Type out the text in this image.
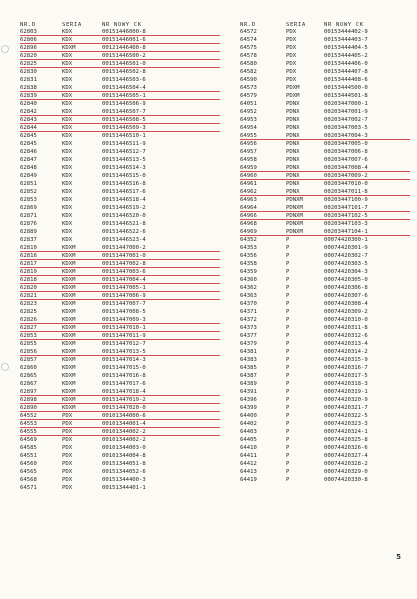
NR.D	SERIA	NR NOWY CK
62803	KDX	00151446000-8
62806	KDX	00151446001-6
62896	KDXM	00121446400-8
62820	KDX	00151446500-2
62825	KDX	00151446501-0
62830	KDX	00151446502-8
62831	KDX	00151446503-6
62838	KDX	00151446504-4
62839	KDX	00151446505-1
62840	KDX	00151446506-9
62842	KDX	00151446507-7
62843	KDX	00151446508-5
62844	KDX	00151446509-3
62845	KDX	00151446510-1
62845	KDX	00151446511-9
62846	KDX	00151446512-7
62847	KDX	00151446513-5
62848	KDX	00151446514-3
62849	KDX	00151446515-0
62851	KDX	00151446516-8
62852	KDX	00151446517-6
62853	KDX	00151446518-4
62869	KDX	00151446519-2
62871	KDX	00151446520-0
62876	KDX	00151446521-8
62889	KDX	00151446522-6
62837	KDX	00151446523-4
62810	KDXM	00151447000-2
62816	KDXM	00151447001-0
62817	KDXM	00151447002-8
62819	KDXM	00151447003-6
62818	KDXM	00151447004-4
62820	KDXM	00151447005-1
62821	KDXM	00151447006-9
62823	KDXM	00151447007-7
62825	KDXM	00151447008-5
62826	KDXM	00151447009-3
62827	KDXM	00151447010-1
62853	KDXM	00151447011-9
62855	KDXM	00151447012-7
62856	KDXM	00151447013-5
62857	KDXM	00151447014-3
62860	KDXM	00151447015-0
62865	KDXM	00151447016-8
62867	KDXM	00151447017-6
62897	KDXM	00151447018-4
62898	KDXM	00151447019-2
62890	KDXM	00151447020-0
64552	PDX	00101344000-6
64553	PDX	00101344001-4
64555	PDX	00101344002-2
64569	PDX	00101344002-2
64585	PDX	00101344003-0
64551	PDX	00101344004-8
64560	PDX	00151344051-8
64565	PDX	00151344052-6
64568	PDX	00151344400-3
64571	PDX	00151344401-1
NR.D	SERIA	NR NOWY CK
64572	PDX	00153444402-9
64574	PDX	00153444403-7
64575	PDX	00153444404-5
64578	PDX	00153444405-2
64580	PDX	00153444406-0
64582	PDX	00153444407-8
64590	PDX	00153444408-6
64573	PDXM	00153444500-0
64579	PDXM	00153444501-8
64051	PDNX	00203447000-1
64952	PDNX	00203447001-9
64953	PDNX	00203447002-7
64954	PDNX	00203447003-5
64955	PDNX	00203447004-3
64956	PDNX	00203447005-0
64957	PDNX	00203447006-8
64958	PDNX	00203447007-6
64959	PDNX	00203447008-4
64960	PDNX	00203447009-2
64961	PDNX	00203447010-0
64962	PDNX	00203447011-8
64963	PDNXM	00203447100-9
64964	PDNXM	00203447101-7
64966	PDNXM	00203447102-5
64968	PDNXM	00203447103-3
64969	PDNXM	00203447104-1
64352	P	00074420300-1
64353	P	00074420301-9
64356	P	00074420302-7
64358	P	00074420303-5
64359	P	00074420304-3
64360	P	00074420305-0
64362	P	00074420306-8
64363	P	00074420307-6
64370	P	00074420308-4
64371	P	00074420309-2
64372	P	00074420310-0
64373	P	00074420311-8
64377	P	00074420312-6
64379	P	00074420313-4
64381	P	00074420314-2
64383	P	00074420315-9
64385	P	00074420316-7
64387	P	00074420317-5
64389	P	00074420318-3
64391	P	00074420319-1
64396	P	00074420320-9
64399	P	00074420321-7
64400	P	00074420322-5
64402	P	00074420323-3
64403	P	00074420324-1
64405	P	00074420325-8
64410	P	00074420326-6
64411	P	00074420327-4
64412	P	00074420328-2
64413	P	00074420329-0
64419	P	00074420330-8
5
